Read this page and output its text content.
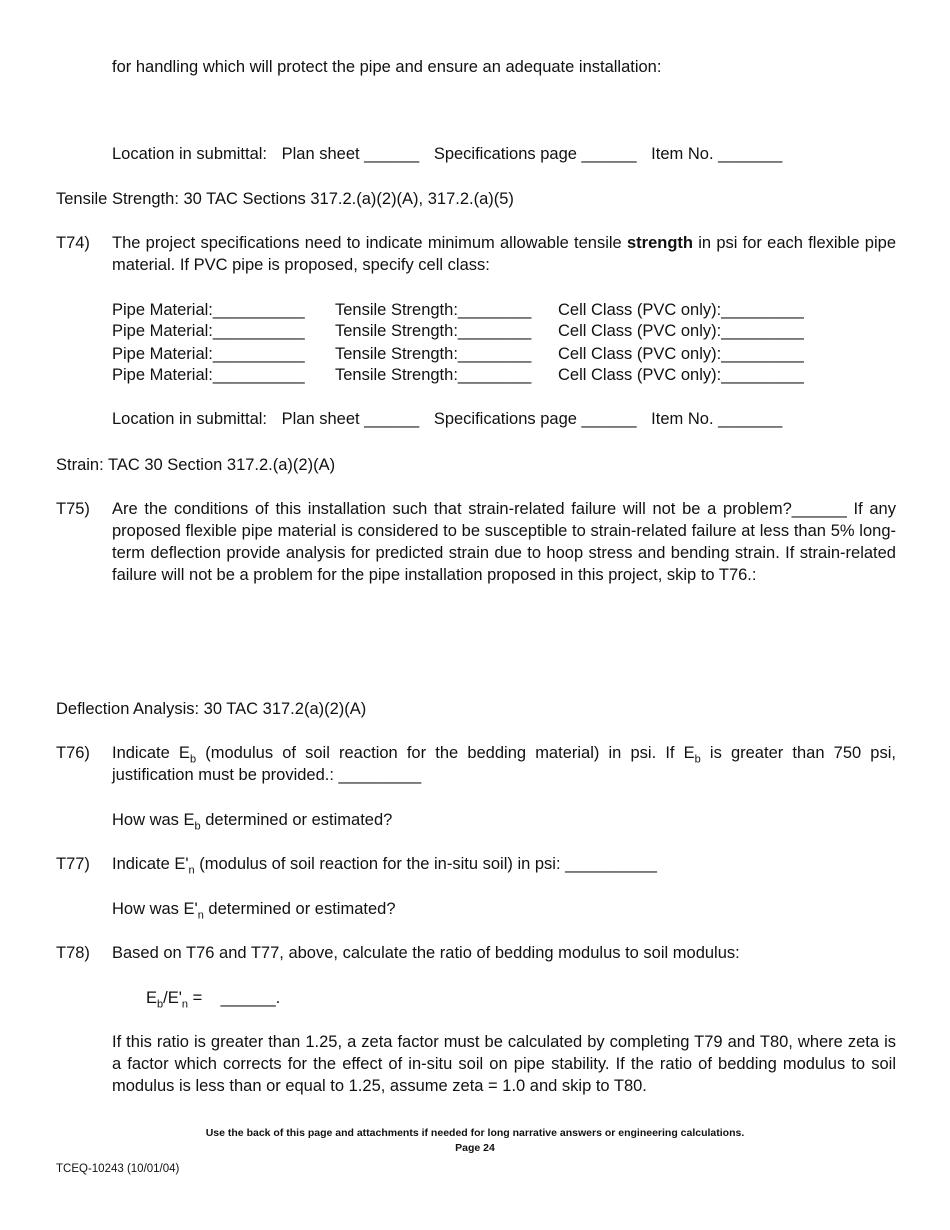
for handling which will protect the pipe and ensure an adequate installation:
Location in submittal: Plan sheet ______ Specifications page ______ Item No. _______
Tensile Strength: 30 TAC Sections 317.2.(a)(2)(A), 317.2.(a)(5)
T74) The project specifications need to indicate minimum allowable tensile strength in psi for each flexible pipe material. If PVC pipe is proposed, specify cell class:
Pipe Material:__________ Tensile Strength:________ Cell Class (PVC only):_________
Pipe Material:__________ Tensile Strength:________ Cell Class (PVC only):_________
Pipe Material:__________ Tensile Strength:________ Cell Class (PVC only):_________
Pipe Material:__________ Tensile Strength:________ Cell Class (PVC only):_________
Location in submittal: Plan sheet ______ Specifications page ______ Item No. _______
Strain: TAC 30 Section 317.2.(a)(2)(A)
T75) Are the conditions of this installation such that strain-related failure will not be a problem?______ If any proposed flexible pipe material is considered to be susceptible to strain-related failure at less than 5% long-term deflection provide analysis for predicted strain due to hoop stress and bending strain. If strain-related failure will not be a problem for the pipe installation proposed in this project, skip to T76.:
Deflection Analysis: 30 TAC 317.2(a)(2)(A)
T76) Indicate $E_b$ (modulus of soil reaction for the bedding material) in psi. If $E_b$ is greater than 750 psi, justification must be provided.: _________
How was $E_b$ determined or estimated?
T77) Indicate $E'_n$ (modulus of soil reaction for the in-situ soil) in psi: __________
How was $E'_n$ determined or estimated?
T78) Based on T76 and T77, above, calculate the ratio of bedding modulus to soil modulus:
$E_b/E'_n$ =    ______.
If this ratio is greater than 1.25, a zeta factor must be calculated by completing T79 and T80, where zeta is a factor which corrects for the effect of in-situ soil on pipe stability. If the ratio of bedding modulus to soil modulus is less than or equal to 1.25, assume zeta = 1.0 and skip to T80.
Use the back of this page and attachments if needed for long narrative answers or engineering calculations.
Page 24
TCEQ-10243 (10/01/04)
